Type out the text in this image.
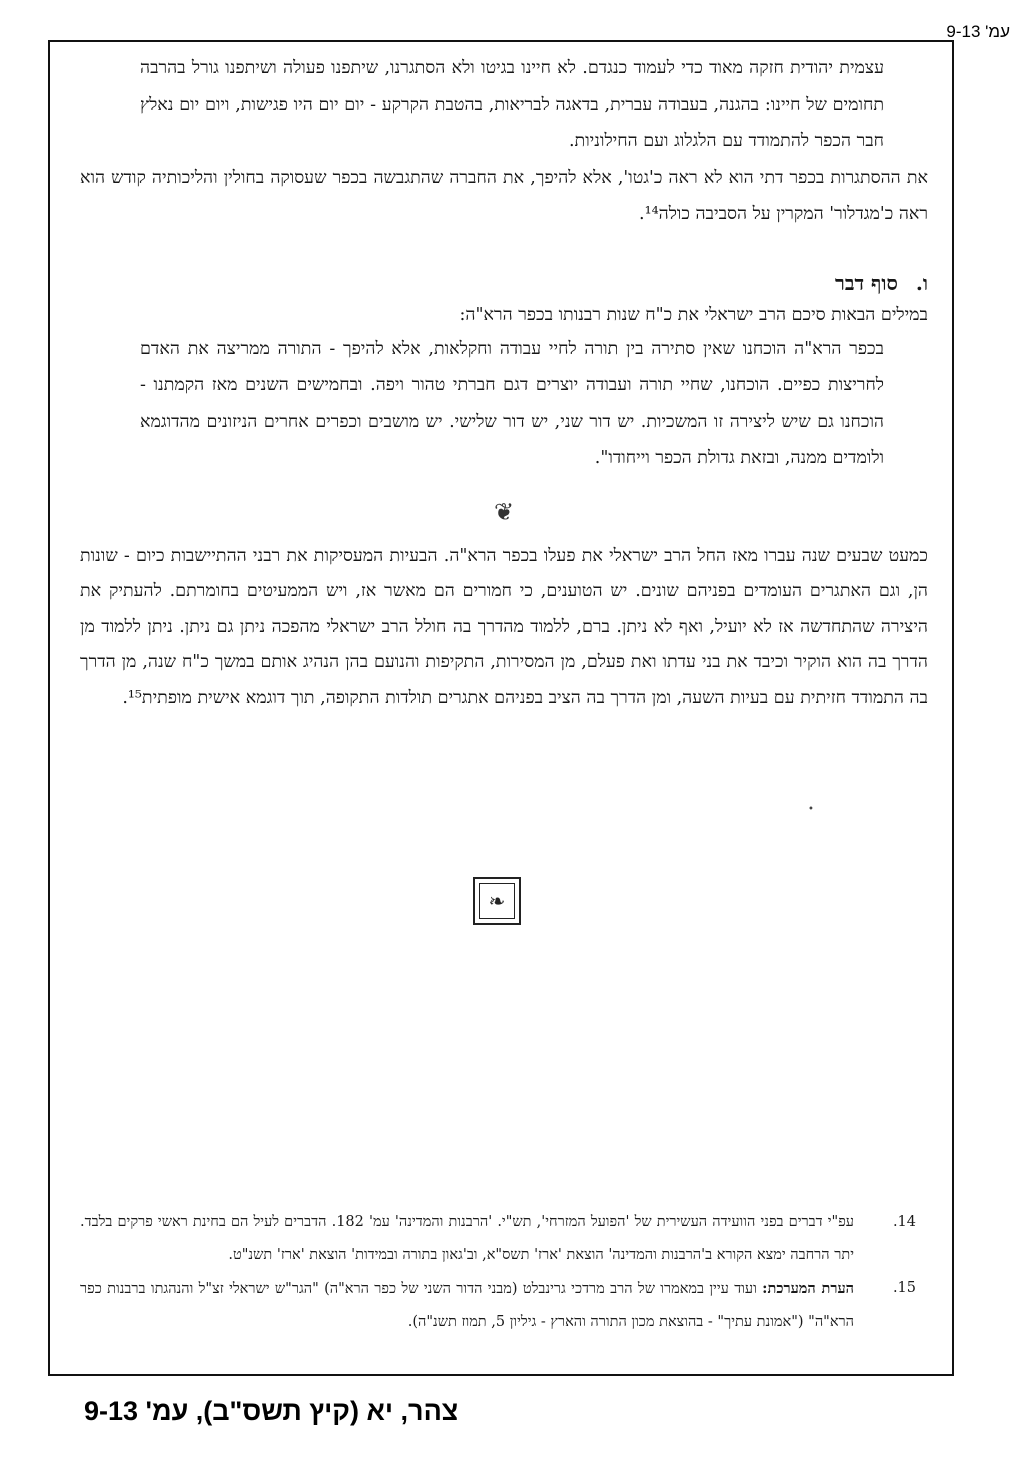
עמ' 9-13

עצמית יהודית חזקה מאוד כדי לעמוד כנגדם. לא חיינו בגיטו ולא הסתגרנו, שיתפנו פעולה ושיתפנו גורל בהרבה תחומים של חיינו: בהגנה, בעבודה עברית, בדאגה לבריאות, בהטבת הקרקע - יום יום היו פגישות, ויום יום נאלץ חבר הכפר להתמודד עם הלגלוג ועם החילוניות.

את ההסתגרות בכפר דתי הוא לא ראה כ'גטו', אלא להיפך, את החברה שהתגבשה בכפר שעסוקה בחולין והליכותיה קודש הוא ראה כ'מגדלור' המקרין על הסביבה כולה¹⁴.

ו.סוף דבר

במילים הבאות סיכם הרב ישראלי את כ"ח שנות רבנותו בכפר הרא"ה:

בכפר הרא"ה הוכחנו שאין סתירה בין תורה לחיי עבודה וחקלאות, אלא להיפך - התורה ממריצה את האדם לחריצות כפיים. הוכחנו, שחיי תורה ועבודה יוצרים דגם חברתי טהור ויפה. ובחמישים השנים מאז הקמתנו - הוכחנו גם שיש ליצירה זו המשכיות. יש דור שני, יש דור שלישי. יש מושבים וכפרים אחרים הניזונים מהדוגמא ולומדים ממנה, ובזאת גדולת הכפר וייחודו".

❦

כמעט שבעים שנה עברו מאז החל הרב ישראלי את פעלו בכפר הרא"ה. הבעיות המעסיקות את רבני ההתיישבות כיום - שונות הן, וגם האתגרים העומדים בפניהם שונים. יש הטוענים, כי חמורים הם מאשר אז, ויש הממעיטים בחומרתם. להעתיק את היצירה שהתחדשה אז לא יועיל, ואף לא ניתן. ברם, ללמוד מהדרך בה חולל הרב ישראלי מהפכה ניתן גם ניתן. ניתן ללמוד מן הדרך בה הוא הוקיר וכיבד את בני עדתו ואת פעלם, מן המסירות, התקיפות והנועם בהן הנהיג אותם במשך כ"ח שנה, מן הדרך בה התמודד חזיתית עם בעיות השעה, ומן הדרך בה הציב בפניהם אתגרים תולדות התקופה, תוך דוגמא אישית מופתית¹⁵.

•
❧
14.
עפ"י דברים בפני הוועידה העשירית של 'הפועל המזרחי', תש"י. 'הרבנות והמדינה' עמ' 182. הדברים לעיל הם בחינת ראשי פרקים בלבד. יתר הרחבה ימצא הקורא ב'הרבנות והמדינה' הוצאת 'ארז' תשס"א, וב'גאון בתורה ובמידות' הוצאת 'ארז' תשנ"ט.
15.
הערת המערכת: ועוד עיין במאמרו של הרב מרדכי גרינבלט (מבני הדור השני של כפר הרא"ה) "הגר"ש ישראלי זצ"ל והנהגתו ברבנות כפר הרא"ה" ("אמונת עתיך" - בהוצאת מכון התורה והארץ - גיליון 5, תמוז תשנ"ה).
צהר, יא (קיץ תשס"ב), עמ' 9-13
